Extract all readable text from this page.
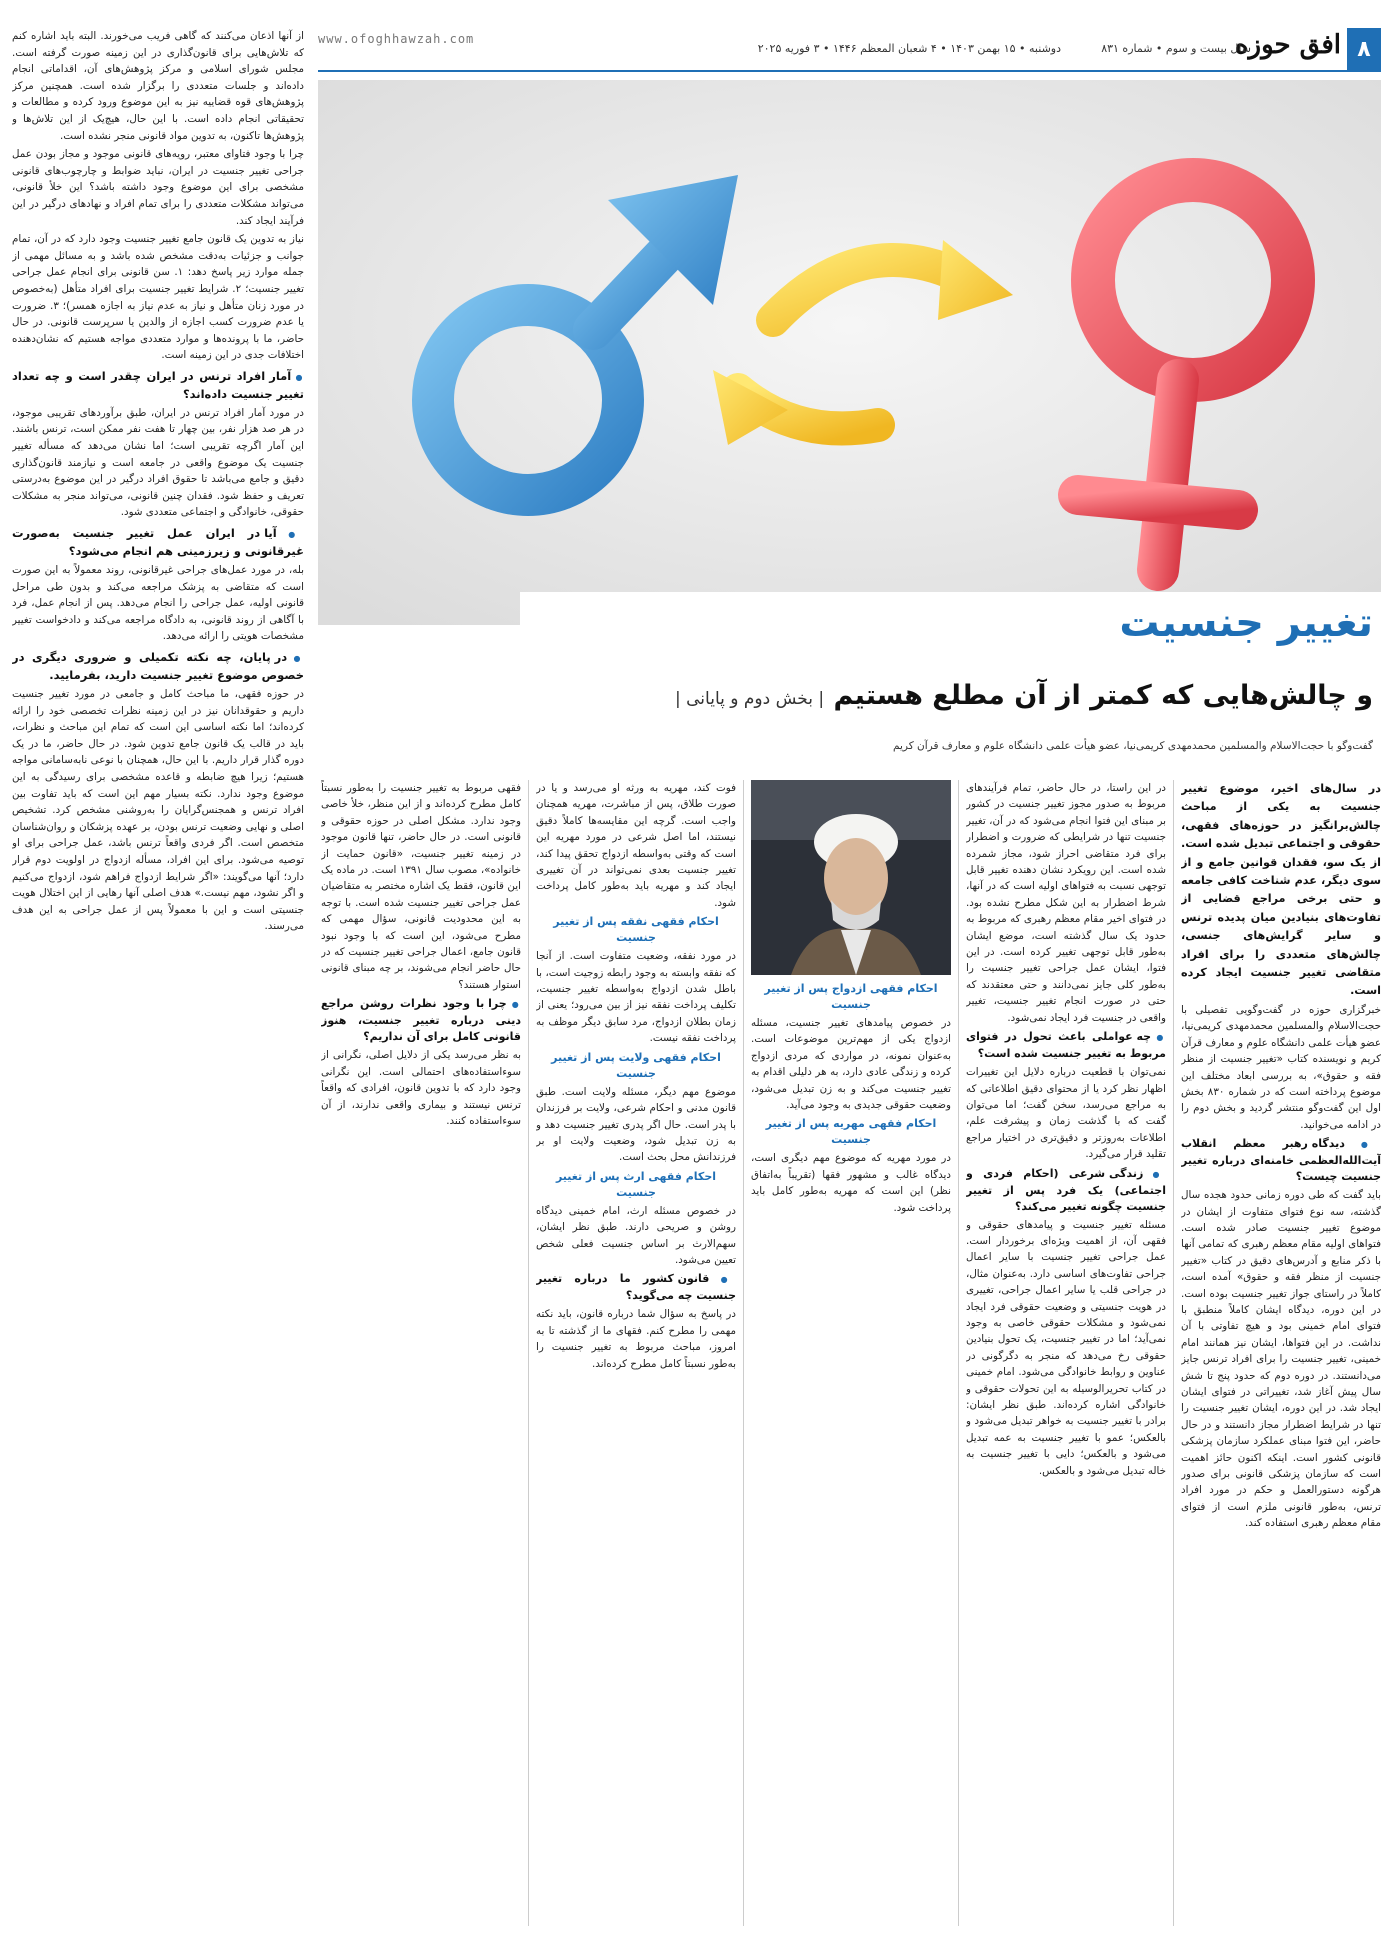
۸
افق حوزه
سال بیست و سوم • شماره ۸۳۱
دوشنبه • ۱۵ بهمن ۱۴۰۳ • ۴ شعبان المعظم ۱۴۴۶ • ۳ فوریه ۲۰۲۵
www.ofoghhawzah.com

از آنها اذعان می‌کنند که گاهی فریب می‌خورند. البته باید اشاره کنم که تلاش‌هایی برای قانون‌گذاری در این زمینه صورت گرفته است. مجلس شورای اسلامی و مرکز پژوهش‌های آن، اقداماتی انجام داده‌اند و جلسات متعددی را برگزار شده است. همچنین مرکز پژوهش‌های قوه قضاییه نیز به این موضوع ورود کرده و مطالعات و تحقیقاتی انجام داده است. با این حال، هیچ‌یک از این تلاش‌ها و پژوهش‌ها تاکنون، به تدوین مواد قانونی منجر نشده است.

چرا با وجود فتاوای معتبر، رویه‌های قانونی موجود و مجاز بودن عمل جراحی تغییر جنسیت در ایران، نباید ضوابط و چارچوب‌های قانونی مشخصی برای این موضوع وجود داشته باشد؟ این خلأ قانونی، می‌تواند مشکلات متعددی را برای تمام افراد و نهادهای درگیر در این فرآیند ایجاد کند.

نیاز به تدوین یک قانون جامع تغییر جنسیت وجود دارد که در آن، تمام جوانب و جزئیات به‌دقت مشخص شده باشد و به مسائل مهمی از جمله موارد زیر پاسخ دهد: ۱. سن قانونی برای انجام عمل جراحی تغییر جنسیت؛ ۲. شرایط تغییر جنسیت برای افراد متأهل (به‌خصوص در مورد زنان متأهل و نیاز به عدم نیاز به اجازه همسر)؛ ۳. ضرورت یا عدم ضرورت کسب اجازه از والدین یا سرپرست قانونی. در حال حاضر، ما با پرونده‌ها و موارد متعددی مواجه هستیم که نشان‌دهنده اختلافات جدی در این زمینه است.

● آمار افراد ترنس در ایران چقدر است و چه تعداد تغییر جنسیت داده‌اند؟

در مورد آمار افراد ترنس در ایران، طبق برآوردهای تقریبی موجود، در هر صد هزار نفر، بین چهار تا هفت نفر ممکن است، ترنس باشند. این آمار اگرچه تقریبی است؛ اما نشان می‌دهد که مسأله تغییر جنسیت یک موضوع واقعی در جامعه است و نیازمند قانون‌گذاری دقیق و جامع می‌باشد تا حقوق افراد درگیر در این موضوع به‌درستی تعریف و حفظ شود. فقدان چنین قانونی، می‌تواند منجر به مشکلات حقوقی، خانوادگی و اجتماعی متعددی شود.

● آیا در ایران عمل تغییر جنسیت به‌صورت غیرقانونی و زیرزمینی هم انجام می‌شود؟

بله، در مورد عمل‌های جراحی غیرقانونی، روند معمولاً به این صورت است که متقاضی به پزشک مراجعه می‌کند و بدون طی مراحل قانونی اولیه، عمل جراحی را انجام می‌دهد. پس از انجام عمل، فرد با آگاهی از روند قانونی، به دادگاه مراجعه می‌کند و دادخواست تغییر مشخصات هویتی را ارائه می‌دهد.

● در پایان، چه نکته تکمیلی و ضروری دیگری در خصوص موضوع تغییر جنسیت دارید، بفرمایید.

در حوزه فقهی، ما مباحث کامل و جامعی در مورد تغییر جنسیت داریم و حقوقدانان نیز در این زمینه نظرات تخصصی خود را ارائه کرده‌اند؛ اما نکته اساسی این است که تمام این مباحث و نظرات، باید در قالب یک قانون جامع تدوین شود. در حال حاضر، ما در یک دوره گذار قرار داریم. با این حال، همچنان با نوعی نابه‌سامانی مواجه هستیم؛ زیرا هیچ ضابطه و قاعده مشخصی برای رسیدگی به این موضوع وجود ندارد. نکته بسیار مهم این است که باید تفاوت بین افراد ترنس و همجنس‌گرایان را به‌روشنی مشخص کرد. تشخیص اصلی و نهایی وضعیت ترنس بودن، بر عهده پزشکان و روان‌شناسان متخصص است. اگر فردی واقعاً ترنس باشد، عمل جراحی برای او توصیه می‌شود. برای این افراد، مسأله ازدواج در اولویت دوم قرار دارد؛ آنها می‌گویند: «اگر شرایط ازدواج فراهم شود، ازدواج می‌کنیم و اگر نشود، مهم نیست.» هدف اصلی آنها رهایی از این اختلال هویت جنسیتی است و این با معمولاً پس از عمل جراحی به این هدف می‌رسند.

تغییر جنسیت
و چالش‌هایی که کمتر از آن مطلع هستیم | بخش دوم و پایانی |
گفت‌وگو با حجت‌الاسلام والمسلمین محمدمهدی کریمی‌نیا، عضو هیأت علمی دانشگاه علوم و معارف قرآن کریم

در سال‌های اخیر، موضوع تغییر جنسیت به یکی از مباحث چالش‌برانگیز در حوزه‌های فقهی، حقوقی و اجتماعی تبدیل شده است. از یک سو، فقدان قوانین جامع و از سوی دیگر، عدم شناخت کافی جامعه و حتی برخی مراجع قضایی از تفاوت‌های بنیادین میان پدیده ترنس و سایر گرایش‌های جنسی، چالش‌های متعددی را برای افراد متقاضی تغییر جنسیت ایجاد کرده است.

خبرگزاری حوزه در گفت‌وگویی تفصیلی با حجت‌الاسلام والمسلمین محمدمهدی کریمی‌نیا، عضو هیأت علمی دانشگاه علوم و معارف قرآن کریم و نویسنده کتاب «تغییر جنسیت از منظر فقه و حقوق»، به بررسی ابعاد مختلف این موضوع پرداخته است که در شماره ۸۳۰ بخش اول این گفت‌وگو منتشر گردید و بخش دوم را در ادامه می‌خوانید.

● دیدگاه رهبر معظم انقلاب آیت‌الله‌العظمی خامنه‌ای درباره تغییر جنسیت چیست؟

باید گفت که طی دوره زمانی حدود هجده سال گذشته، سه نوع فتوای متفاوت از ایشان در موضوع تغییر جنسیت صادر شده است. فتواهای اولیه مقام معظم رهبری که تمامی آنها با ذکر منابع و آدرس‌های دقیق در کتاب «تغییر جنسیت از منظر فقه و حقوق» آمده است، کاملاً در راستای جواز تغییر جنسیت بوده است. در این دوره، دیدگاه ایشان کاملاً منطبق با فتوای امام خمینی بود و هیچ تفاوتی با آن نداشت. در این فتواها، ایشان نیز همانند امام خمینی، تغییر جنسیت را برای افراد ترنس جایز می‌دانستند. در دوره دوم که حدود پنج تا شش سال پیش آغاز شد، تغییراتی در فتوای ایشان ایجاد شد. در این دوره، ایشان تغییر جنسیت را تنها در شرایط اضطرار مجاز دانستند و در حال حاضر، این فتوا مبنای عملکرد سازمان پزشکی قانونی کشور است. اینکه اکنون حائز اهمیت است که سازمان پزشکی قانونی برای صدور هرگونه دستورالعمل و حکم در مورد افراد ترنس، به‌طور قانونی ملزم است از فتوای مقام معظم رهبری استفاده کند.

در این راستا، در حال حاضر، تمام فرآیندهای مربوط به صدور مجوز تغییر جنسیت در کشور بر مبنای این فتوا انجام می‌شود که در آن، تغییر جنسیت تنها در شرایطی که ضرورت و اضطرار برای فرد متقاضی احراز شود، مجاز شمرده شده است. این رویکرد نشان دهنده تغییر قابل توجهی نسبت به فتواهای اولیه است که در آنها، شرط اضطرار به این شکل مطرح نشده بود. در فتوای اخیر مقام معظم رهبری که مربوط به حدود یک سال گذشته است، موضع ایشان به‌طور قابل توجهی تغییر کرده است. در این فتوا، ایشان عمل جراحی تغییر جنسیت را به‌طور کلی جایز نمی‌دانند و حتی معتقدند که حتی در صورت انجام تغییر جنسیت، تغییر واقعی در جنسیت فرد ایجاد نمی‌شود.

● چه عواملی باعث تحول در فتوای مربوط به تغییر جنسیت شده است؟

نمی‌توان با قطعیت درباره دلایل این تغییرات اظهار نظر کرد یا از محتوای دقیق اطلاعاتی که به مراجع می‌رسد، سخن گفت؛ اما می‌توان گفت که با گذشت زمان و پیشرفت علم، اطلاعات به‌روزتر و دقیق‌تری در اختیار مراجع تقلید قرار می‌گیرد.

● زندگی شرعی (احکام فردی و اجتماعی) یک فرد پس از تغییر جنسیت چگونه تغییر می‌کند؟

مسئله تغییر جنسیت و پیامدهای حقوقی و فقهی آن، از اهمیت ویژه‌ای برخوردار است. عمل جراحی تغییر جنسیت با سایر اعمال جراحی تفاوت‌های اساسی دارد. به‌عنوان مثال، در جراحی قلب یا سایر اعمال جراحی، تغییری در هویت جنسیتی و وضعیت حقوقی فرد ایجاد نمی‌شود و مشکلات حقوقی خاصی به وجود نمی‌آید؛ اما در تغییر جنسیت، یک تحول بنیادین حقوقی رخ می‌دهد که منجر به دگرگونی در عناوین و روابط خانوادگی می‌شود. امام خمینی در کتاب تحریرالوسیله به این تحولات حقوقی و خانوادگی اشاره کرده‌اند. طبق نظر ایشان: برادر با تغییر جنسیت به خواهر تبدیل می‌شود و بالعکس؛ عمو با تغییر جنسیت به عمه تبدیل می‌شود و بالعکس؛ دایی با تغییر جنسیت به خاله تبدیل می‌شود و بالعکس.

احکام فقهی ازدواج پس از تغییر جنسیت

در خصوص پیامدهای تغییر جنسیت، مسئله ازدواج یکی از مهم‌ترین موضوعات است. به‌عنوان نمونه، در مواردی که مردی ازدواج کرده و زندگی عادی دارد، به هر دلیلی اقدام به تغییر جنسیت می‌کند و به زن تبدیل می‌شود، وضعیت حقوقی جدیدی به وجود می‌آید.

احکام فقهی مهریه پس از تغییر جنسیت

در مورد مهریه که موضوع مهم دیگری است، دیدگاه غالب و مشهور فقها (تقریباً به‌اتفاق نظر) این است که مهریه به‌طور کامل باید پرداخت شود.

فوت کند، مهریه به ورثه او می‌رسد و یا در صورت طلاق، پس از مباشرت، مهریه همچنان واجب است. گرچه این مقایسه‌ها کاملاً دقیق نیستند، اما اصل شرعی در مورد مهریه این است که وقتی به‌واسطه ازدواج تحقق پیدا کند، تغییر جنسیت بعدی نمی‌تواند در آن تغییری ایجاد کند و مهریه باید به‌طور کامل پرداخت شود.

احکام فقهی نفقه پس از تغییر جنسیت

در مورد نفقه، وضعیت متفاوت است. از آنجا که نفقه وابسته به وجود رابطه زوجیت است، با باطل شدن ازدواج به‌واسطه تغییر جنسیت، تکلیف پرداخت نفقه نیز از بین می‌رود؛ یعنی از زمان بطلان ازدواج، مرد سابق دیگر موظف به پرداخت نفقه نیست.

احکام فقهی ولایت پس از تغییر جنسیت

موضوع مهم دیگر، مسئله ولایت است. طبق قانون مدنی و احکام شرعی، ولایت بر فرزندان با پدر است. حال اگر پدری تغییر جنسیت دهد و به زن تبدیل شود، وضعیت ولایت او بر فرزندانش محل بحث است.

احکام فقهی ارث پس از تغییر جنسیت

در خصوص مسئله ارث، امام خمینی دیدگاه روشن و صریحی دارند. طبق نظر ایشان، سهم‌الارث بر اساس جنسیت فعلی شخص تعیین می‌شود.

● قانون کشور ما درباره تغییر جنسیت چه می‌گوید؟

در پاسخ به سؤال شما درباره قانون، باید نکته مهمی را مطرح کنم. فقهای ما از گذشته تا به امروز، مباحث مربوط به تغییر جنسیت را به‌طور نسبتاً کامل مطرح کرده‌اند.

فقهی مربوط به تغییر جنسیت را به‌طور نسبتاً کامل مطرح کرده‌اند و از این منظر، خلأ خاصی وجود ندارد. مشکل اصلی در حوزه حقوقی و قانونی است. در حال حاضر، تنها قانون موجود در زمینه تغییر جنسیت، «قانون حمایت از خانواده»، مصوب سال ۱۳۹۱ است. در ماده یک این قانون، فقط یک اشاره مختصر به متقاضیان عمل جراحی تغییر جنسیت شده است. با توجه به این محدودیت قانونی، سؤال مهمی که مطرح می‌شود، این است که با وجود نبود قانون جامع، اعمال جراحی تغییر جنسیت که در حال حاضر انجام می‌شوند، بر چه مبنای قانونی استوار هستند؟

● چرا با وجود نظرات روشن مراجع دینی درباره تغییر جنسیت، هنوز قانونی کامل برای آن نداریم؟

به نظر می‌رسد یکی از دلایل اصلی، نگرانی از سوءاستفاده‌های احتمالی است. این نگرانی وجود دارد که با تدوین قانون، افرادی که واقعاً ترنس نیستند و بیماری واقعی ندارند، از آن سوءاستفاده کنند.
